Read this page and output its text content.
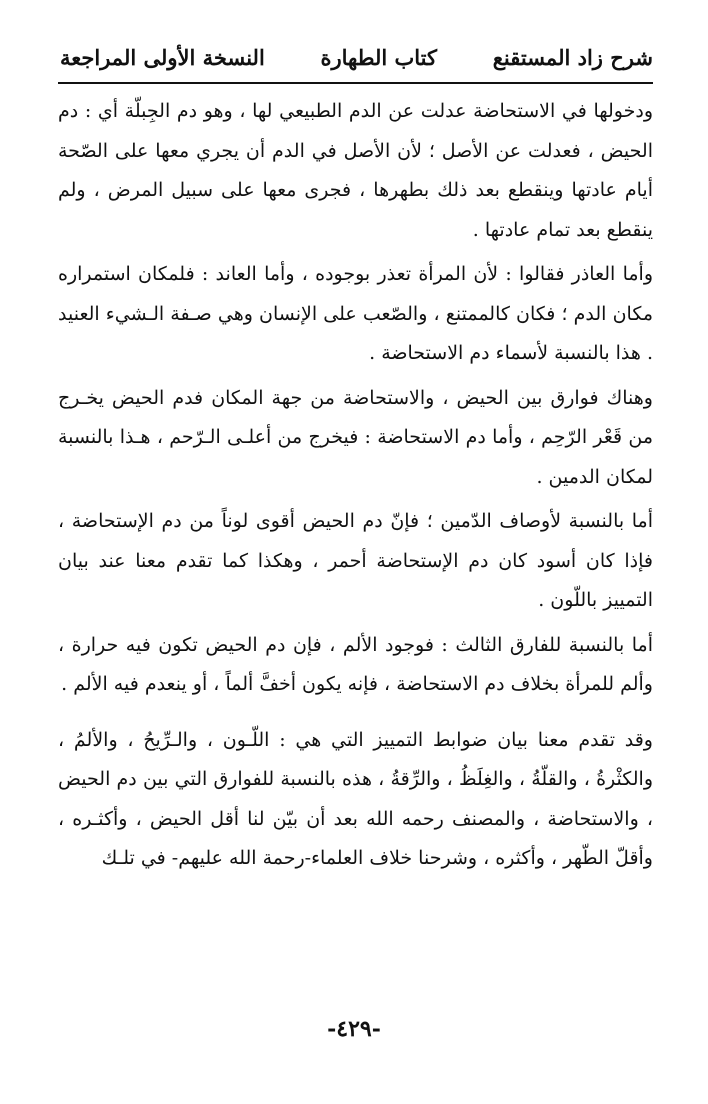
شرح زاد المستقنع
كتاب الطهارة
النسخة الأولى المراجعة

ودخولها في الاستحاضة عدلت عن الدم الطبيعي لها ، وهو دم الجِبلّة أي : دم الحيض ، فعدلت عن الأصل ؛ لأن الأصل في الدم أن يجري معها على الصّحة أيام عادتها وينقطع بعد ذلك بطهرها ، فجرى معها على سبيل المرض ، ولم ينقطع بعد تمام عادتها .

وأما العاذر فقالوا : لأن المرأة تعذر بوجوده ، وأما العاند : فلمكان استمراره مكان الدم ؛ فكان كالممتنع ، والصّعب على الإنسان وهي صـفة الـشيء العنيد . هذا بالنسبة لأسماء دم الاستحاضة .

وهناك فوارق بين الحيض ، والاستحاضة من جهة المكان فدم الحيض يخـرج من قَعْر الرّحِم ، وأما دم الاستحاضة : فيخرج من أعلـى الـرّحم ، هـذا بالنسبة لمكان الدمين .

أما بالنسبة لأوصاف الدّمين ؛ فإنّ دم الحيض أقوى لوناً من دم الإستحاضة ، فإذا كان أسود كان دم الإستحاضة أحمر ، وهكذا كما تقدم معنا عند بيان التمييز باللّون .

أما بالنسبة للفارق الثالث : فوجود الألم ، فإن دم الحيض تكون فيه حرارة ، وألم للمرأة بخلاف دم الاستحاضة ، فإنه يكون أخفَّ ألماً ، أو ينعدم فيه الألم .

وقد تقدم معنا بيان ضوابط التمييز التي هي : اللّـون ، والـرِّيحُ ، والألمُ ، والكثْرةُ ، والقلّةُ ، والغِلَظُ ، والرِّقةُ ، هذه بالنسبة للفوارق التي بين دم الحيض ، والاستحاضة ، والمصنف رحمه الله بعد أن بيّن لنا أقل الحيض ، وأكثـره ، وأقلّ الطّهر ، وأكثره ، وشرحنا خلاف العلماء-رحمة الله عليهم- في تلـك

-٤٢٩-
